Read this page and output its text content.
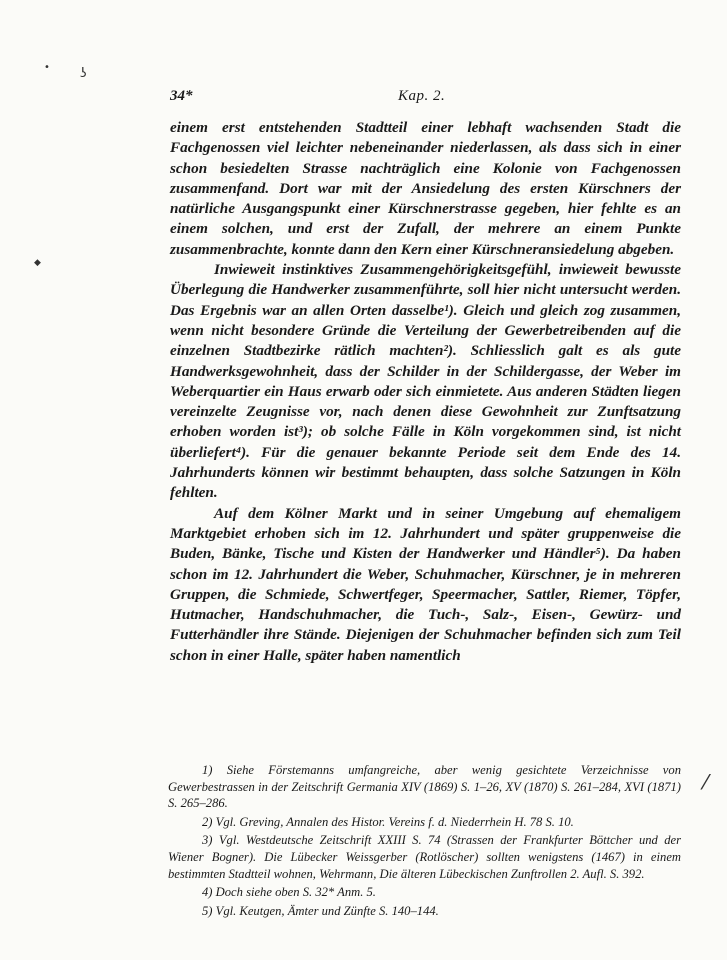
• ʖ
◆
⁄
34*	Kap. 2.

einem erst entstehenden Stadtteil einer lebhaft wachsenden Stadt die Fachgenossen viel leichter nebeneinander niederlassen, als dass sich in einer schon besiedelten Strasse nachträglich eine Kolonie von Fachgenossen zusammenfand. Dort war mit der Ansiedelung des ersten Kürschners der natürliche Ausgangspunkt einer Kürschnerstrasse gegeben, hier fehlte es an einem solchen, und erst der Zufall, der mehrere an einem Punkte zusammenbrachte, konnte dann den Kern einer Kürschneransiedelung abgeben.

Inwieweit instinktives Zusammengehörigkeitsgefühl, inwieweit bewusste Überlegung die Handwerker zusammenführte, soll hier nicht untersucht werden. Das Ergebnis war an allen Orten dasselbe¹). Gleich und gleich zog zusammen, wenn nicht besondere Gründe die Verteilung der Gewerbetreibenden auf die einzelnen Stadtbezirke rätlich machten²). Schliesslich galt es als gute Handwerksgewohnheit, dass der Schilder in der Schildergasse, der Weber im Weberquartier ein Haus erwarb oder sich einmietete. Aus anderen Städten liegen vereinzelte Zeugnisse vor, nach denen diese Gewohnheit zur Zunftsatzung erhoben worden ist³); ob solche Fälle in Köln vorgekommen sind, ist nicht überliefert⁴). Für die genauer bekannte Periode seit dem Ende des 14. Jahrhunderts können wir bestimmt behaupten, dass solche Satzungen in Köln fehlten.

Auf dem Kölner Markt und in seiner Umgebung auf ehemaligem Marktgebiet erhoben sich im 12. Jahrhundert und später gruppenweise die Buden, Bänke, Tische und Kisten der Handwerker und Händler⁵). Da haben schon im 12. Jahrhundert die Weber, Schuhmacher, Kürschner, je in mehreren Gruppen, die Schmiede, Schwertfeger, Speermacher, Sattler, Riemer, Töpfer, Hutmacher, Handschuhmacher, die Tuch-, Salz-, Eisen-, Gewürz- und Futterhändler ihre Stände. Diejenigen der Schuhmacher befinden sich zum Teil schon in einer Halle, später haben namentlich

1) Siehe Förstemanns umfangreiche, aber wenig gesichtete Verzeichnisse von Gewerbestrassen in der Zeitschrift Germania XIV (1869) S. 1–26, XV (1870) S. 261–284, XVI (1871) S. 265–286.

2) Vgl. Greving, Annalen des Histor. Vereins f. d. Niederrhein H. 78 S. 10.

3) Vgl. Westdeutsche Zeitschrift XXIII S. 74 (Strassen der Frankfurter Böttcher und der Wiener Bogner). Die Lübecker Weissgerber (Rotlöscher) sollten wenigstens (1467) in einem bestimmten Stadtteil wohnen, Wehrmann, Die älteren Lübeckischen Zunftrollen 2. Aufl. S. 392.

4) Doch siehe oben S. 32* Anm. 5.

5) Vgl. Keutgen, Ämter und Zünfte S. 140–144.
